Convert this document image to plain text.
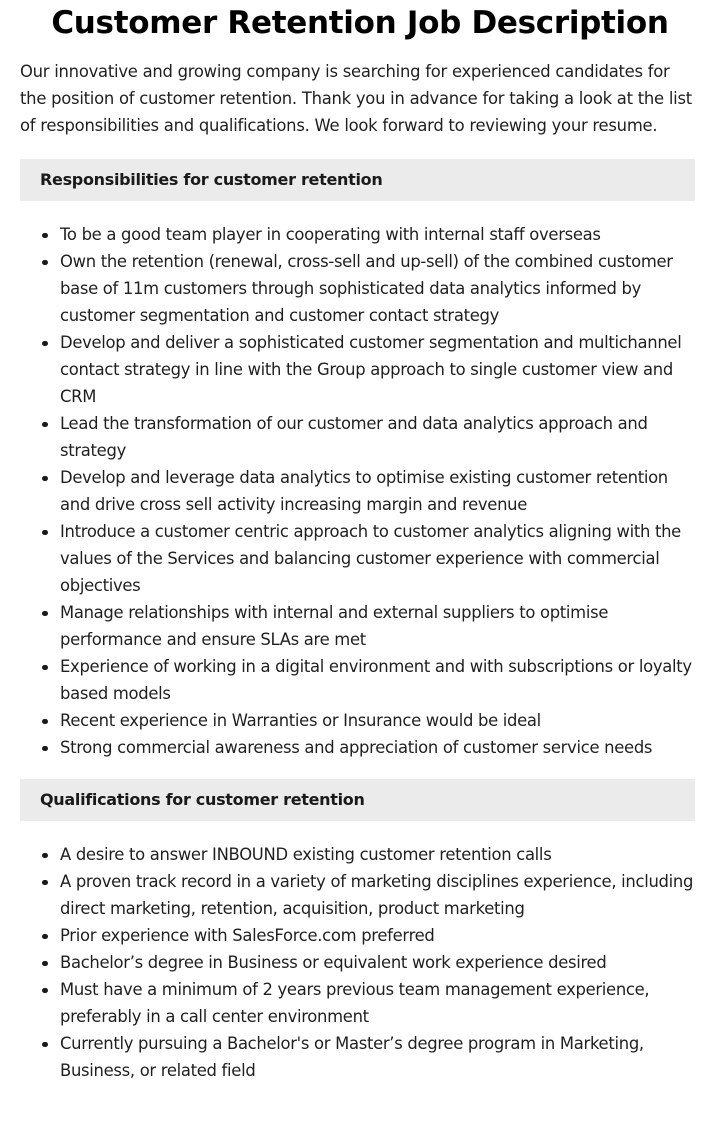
Customer Retention Job Description

Our innovative and growing company is searching for experienced candidates for the position of customer retention. Thank you in advance for taking a look at the list of responsibilities and qualifications. We look forward to reviewing your resume.

Responsibilities for customer retention
To be a good team player in cooperating with internal staff overseas
Own the retention (renewal, cross-sell and up-sell) of the combined customer base of 11m customers through sophisticated data analytics informed by customer segmentation and customer contact strategy
Develop and deliver a sophisticated customer segmentation and multichannel contact strategy in line with the Group approach to single customer view and CRM
Lead the transformation of our customer and data analytics approach and strategy
Develop and leverage data analytics to optimise existing customer retention and drive cross sell activity increasing margin and revenue
Introduce a customer centric approach to customer analytics aligning with the values of the Services and balancing customer experience with commercial objectives
Manage relationships with internal and external suppliers to optimise performance and ensure SLAs are met
Experience of working in a digital environment and with subscriptions or loyalty based models
Recent experience in Warranties or Insurance would be ideal
Strong commercial awareness and appreciation of customer service needs
Qualifications for customer retention
A desire to answer INBOUND existing customer retention calls
A proven track record in a variety of marketing disciplines experience, including direct marketing, retention, acquisition, product marketing
Prior experience with SalesForce.com preferred
Bachelor’s degree in Business or equivalent work experience desired
Must have a minimum of 2 years previous team management experience, preferably in a call center environment
Currently pursuing a Bachelor's or Master’s degree program in Marketing, Business, or related field
